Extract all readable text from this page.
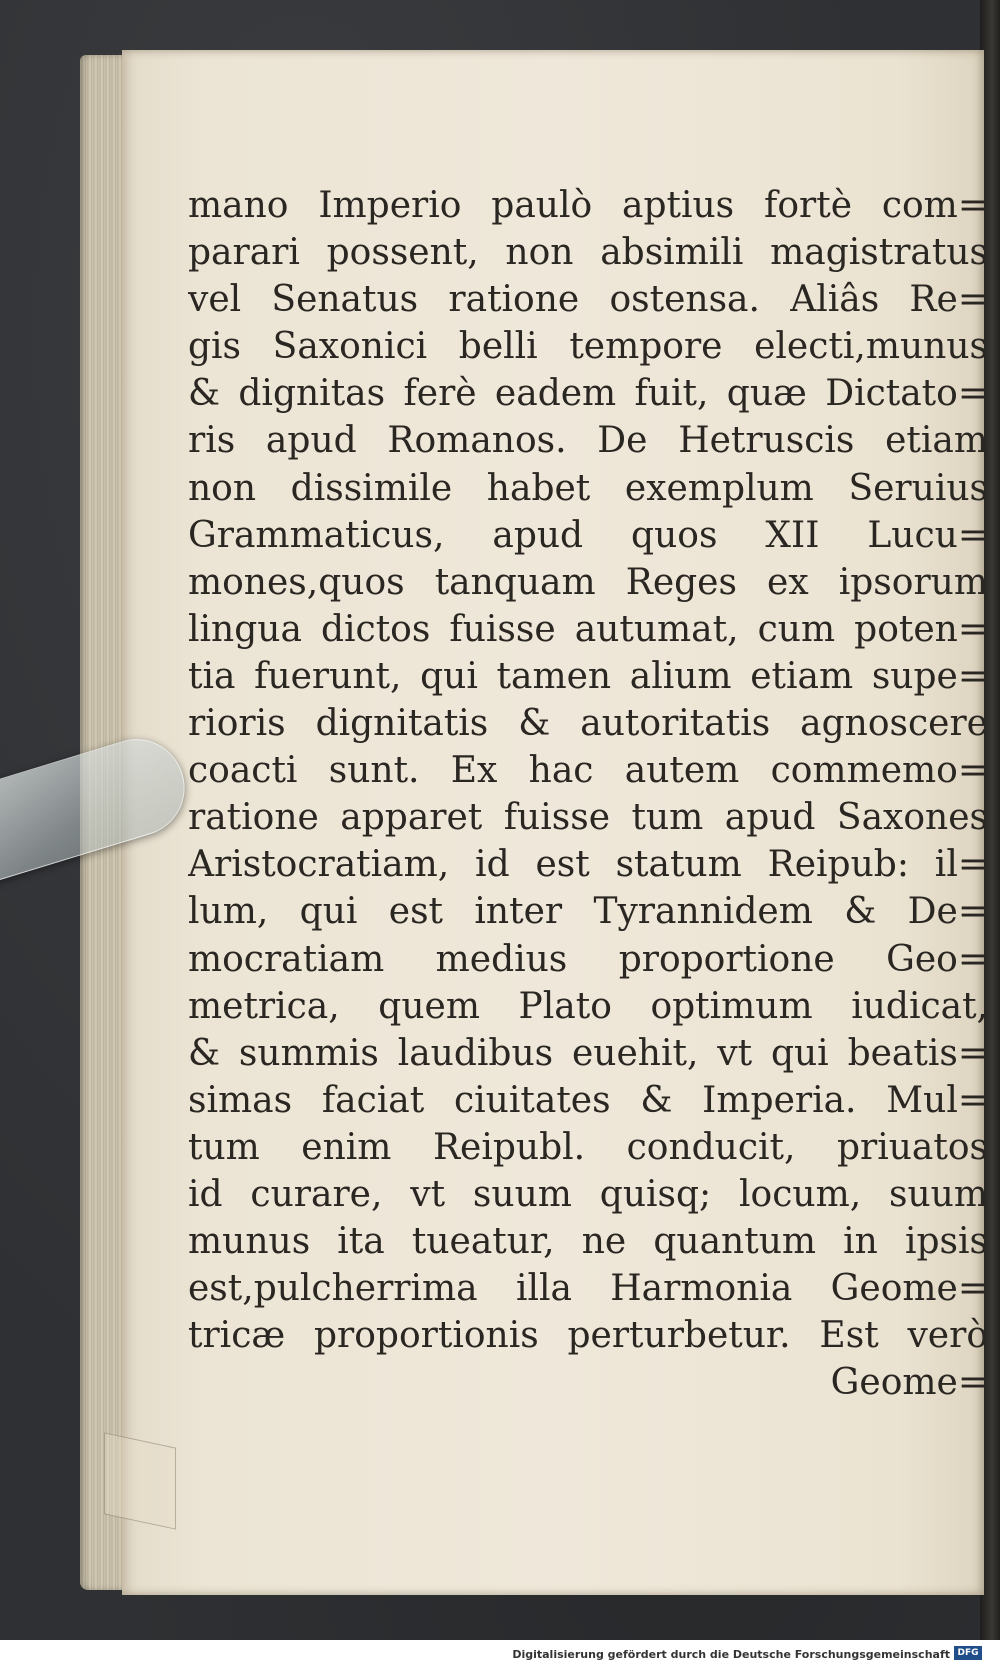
mano Imperio paulò aptius fortè com=
parari possent, non absimili magistratus
vel Senatus ratione ostensa. Aliâs Re=
gis Saxonici belli tempore electi,munus
& dignitas ferè eadem fuit, quæ Dictato=
ris apud Romanos. De Hetruscis etiam
non dissimile habet exemplum Seruius
Grammaticus, apud quos XII Lucu=
mones,quos tanquam Reges ex ipsorum
lingua dictos fuisse autumat, cum poten=
tia fuerunt, qui tamen alium etiam supe=
rioris dignitatis & autoritatis agnoscere
coacti sunt. Ex hac autem commemo=
ratione apparet fuisse tum apud Saxones
Aristocratiam, id est statum Reipub: il=
lum, qui est inter Tyrannidem & De=
mocratiam medius proportione Geo=
metrica, quem Plato optimum iudicat,
& summis laudibus euehit, vt qui beatis=
simas faciat ciuitates & Imperia. Mul=
tum enim Reipubl. conducit, priuatos
id curare, vt suum quisq; locum, suum
munus ita tueatur, ne quantum in ipsis
est,pulcherrima illa Harmonia Geome=
tricæ proportionis perturbetur. Est verò
Geome=
Digitalisierung gefördert durch die Deutsche Forschungsgemeinschaft DFG
